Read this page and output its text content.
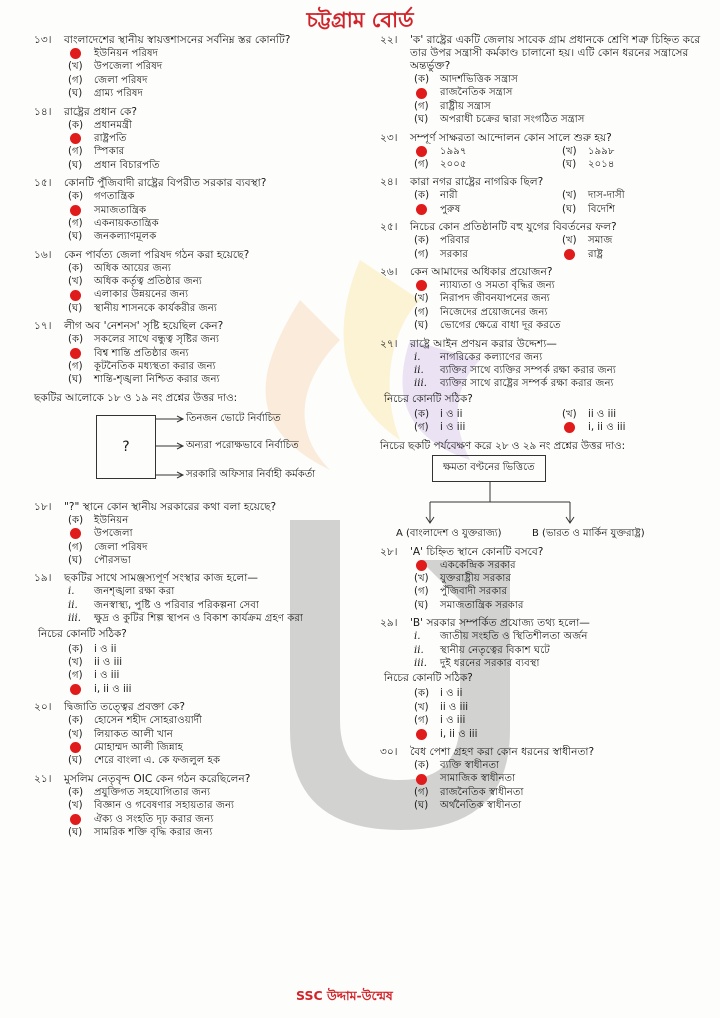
চট্টগ্রাম বোর্ড
১৩।	বাংলাদেশের স্থানীয় স্বায়ত্তশাসনের সর্বনিম্ন স্তর কোনটি?
ইউনিয়ন পরিষদ
(খ)	উপজেলা পরিষদ
(গ)	জেলা পরিষদ
(ঘ)	গ্রাম্য পরিষদ
১৪।	রাষ্ট্রের প্রধান কে?
(ক)	প্রধানমন্ত্রী
রাষ্ট্রপতি
(গ)	স্পিকার
(ঘ)	প্রধান বিচারপতি
১৫।	কোনটি পুঁজিবাদী রাষ্ট্রের বিপরীত সরকার ব্যবস্থা?
(ক)	গণতান্ত্রিক
সমাজতান্ত্রিক
(গ)	একনায়কতান্ত্রিক
(ঘ)	জনকল্যাণমূলক
১৬।	কেন পার্বত্য জেলা পরিষদ গঠন করা হয়েছে?
(ক)	অধিক আয়ের জন্য
(খ)	অধিক কর্তৃত্ব প্রতিষ্ঠার জন্য
এলাকার উন্নয়নের জন্য
(ঘ)	স্থানীয় শাসনকে কার্যকরীর জন্য
১৭।	লীগ অব 'নেশনস' সৃষ্টি হয়েছিল কেন?
(ক)	সকলের সাথে বন্ধুত্ব সৃষ্টির জন্য
বিশ্ব শান্তি প্রতিষ্ঠার জন্য
(গ)	কূটনৈতিক মধ্যস্থতা করার জন্য
(ঘ)	শান্তি-শৃঙ্খলা নিশ্চিত করার জন্য
ছকটির আলোকে ১৮ ও ১৯ নং প্রশ্নের উত্তর দাও:
?
তিনজন ভোটে নির্বাচিত
অন্যরা পরোক্ষভাবে নির্বাচিত
সরকারি অফিসার নির্বাহী কর্মকর্তা
১৮।	"?" স্থানে কোন স্থানীয় সরকারের কথা বলা হয়েছে?
(ক)	ইউনিয়ন
উপজেলা
(গ)	জেলা পরিষদ
(ঘ)	পৌরসভা
১৯।	ছকটির সাথে সামঞ্জস্যপূর্ণ সংস্থার কাজ হলো—
i.	জনশৃঙ্খলা রক্ষা করা
ii.	জনস্বাস্থ্য, পুষ্টি ও পরিবার পরিকল্পনা সেবা
iii.	ক্ষুদ্র ও কুটির শিল্প স্থাপন ও বিকাশ কার্যক্রম গ্রহণ করা
নিচের কোনটি সঠিক?
(ক)	i ও ii
(খ)	ii ও iii
(গ)	i ও iii
i, ii ও iii
২০।	দ্বিজাতি তত্ত্বের প্রবক্তা কে?
(ক)	হোসেন শহীদ সোহরাওয়ার্দী
(খ)	লিয়াকত আলী খান
মোহাম্মদ আলী জিন্নাহ
(ঘ)	শেরে বাংলা এ. কে ফজলুল হক
২১।	মুসলিম নেতৃবৃন্দ OIC কেন গঠন করেছিলেন?
(ক)	প্রযুক্তিগত সহযোগিতার জন্য
(খ)	বিজ্ঞান ও গবেষণার সহায়তার জন্য
ঐক্য ও সংহতি দৃঢ় করার জন্য
(ঘ)	সামরিক শক্তি বৃদ্ধি করার জন্য
২২।	'ক' রাষ্ট্রের একটি জেলায় সাবেক গ্রাম প্রধানকে শ্রেণি শত্রু চিহ্নিত করে তার উপর সন্ত্রাসী কর্মকাণ্ড চালানো হয়। এটি কোন ধরনের সন্ত্রাসের অন্তর্ভুক্ত?
(ক)	আদর্শভিত্তিক সন্ত্রাস
রাজনৈতিক সন্ত্রাস
(গ)	রাষ্ট্রীয় সন্ত্রাস
(ঘ)	অপরাধী চক্রের দ্বারা সংগঠিত সন্ত্রাস
২৩।	সম্পূর্ণ সাক্ষরতা আন্দোলন কোন সালে শুরু হয়?
১৯৯৭	(খ)	১৯৯৮
(গ)	২০০৫	(ঘ)	২০১৪
২৪।	কারা নগর রাষ্ট্রের নাগরিক ছিল?
(ক)	নারী	(খ)	দাস-দাসী
পুরুষ	(ঘ)	বিদেশি
২৫।	নিচের কোন প্রতিষ্ঠানটি বহু যুগের বিবর্তনের ফল?
(ক)	পরিবার	(খ)	সমাজ
(গ)	সরকার	রাষ্ট্র
২৬।	কেন আমাদের অধিকার প্রয়োজন?
ন্যায্যতা ও সমতা বৃদ্ধির জন্য
(খ)	নিরাপদ জীবনযাপনের জন্য
(গ)	নিজেদের প্রয়োজনের জন্য
(ঘ)	ভোগের ক্ষেত্রে বাধা দূর করতে
২৭।	রাষ্ট্রে আইন প্রণয়ন করার উদ্দেশ্য—
i.	নাগরিকের কল্যাণের জন্য
ii.	ব্যক্তির সাথে ব্যক্তির সম্পর্ক রক্ষা করার জন্য
iii.	ব্যক্তির সাথে রাষ্ট্রের সম্পর্ক রক্ষা করার জন্য
নিচের কোনটি সঠিক?
(ক)	i ও ii	(খ)	ii ও iii
(গ)	i ও iii	i, ii ও iii
নিচের ছকটি পর্যবেক্ষণ করে ২৮ ও ২৯ নং প্রশ্নের উত্তর দাও:
ক্ষমতা বণ্টনের ভিত্তিতে
A (বাংলাদেশ ও যুক্তরাজ্য)	B (ভারত ও মার্কিন যুক্তরাষ্ট্র)
২৮।	'A' চিহ্নিত স্থানে কোনটি বসবে?
এককেন্দ্রিক সরকার
(খ)	যুক্তরাষ্ট্রীয় সরকার
(গ)	পুঁজিবাদী সরকার
(ঘ)	সমাজতান্ত্রিক সরকার
২৯।	'B' সরকার সম্পর্কিত প্রযোজ্য তথ্য হলো—
i.	জাতীয় সংহতি ও স্থিতিশীলতা অর্জন
ii.	স্থানীয় নেতৃত্বের বিকাশ ঘটে
iii.	দুই ধরনের সরকার ব্যবস্থা
নিচের কোনটি সঠিক?
(ক)	i ও ii
(খ)	ii ও iii
(গ)	i ও iii
i, ii ও iii
৩০।	বৈধ পেশা গ্রহণ করা কোন ধরনের স্বাধীনতা?
(ক)	ব্যক্তি স্বাধীনতা
সামাজিক স্বাধীনতা
(গ)	রাজনৈতিক স্বাধীনতা
(ঘ)	অর্থনৈতিক স্বাধীনতা
SSC উদ্দাম-উন্মেষ
